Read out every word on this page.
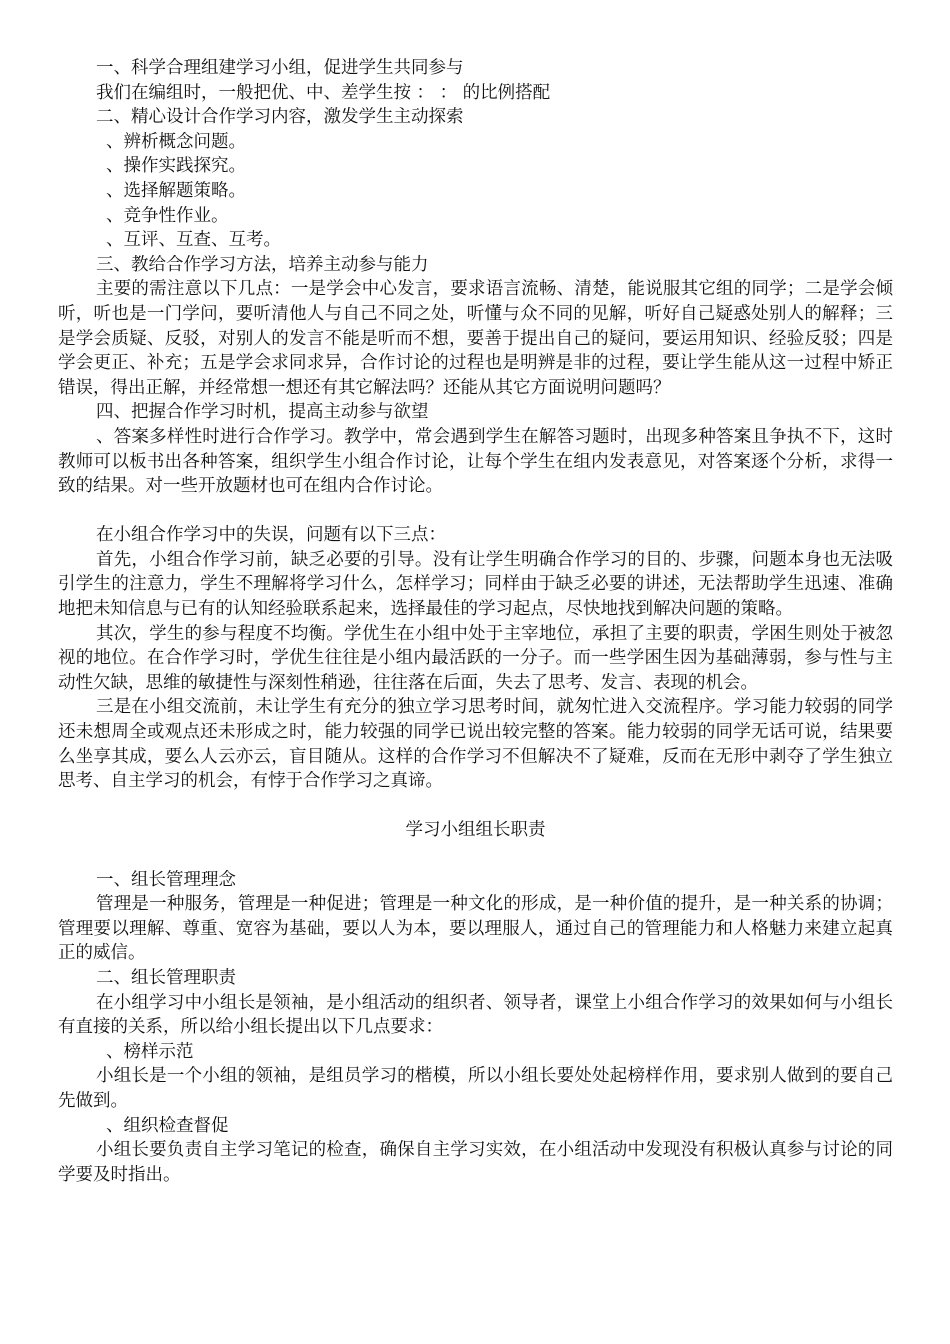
一、科学合理组建学习小组，促进学生共同参与

我们在编组时，一般把优、中、差学生按 ： ： 的比例搭配

二、精心设计合作学习内容，激发学生主动探索

、辨析概念问题。

、操作实践探究。

、选择解题策略。

、竞争性作业。

、互评、互查、互考。

三、教给合作学习方法，培养主动参与能力

主要的需注意以下几点：一是学会中心发言，要求语言流畅、清楚，能说服其它组的同学；二是学会倾听，听也是一门学问，要听清他人与自己不同之处，听懂与众不同的见解，听好自己疑惑处别人的解释；三是学会质疑、反驳，对别人的发言不能是听而不想，要善于提出自己的疑问，要运用知识、经验反驳；四是学会更正、补充；五是学会求同求异，合作讨论的过程也是明辨是非的过程，要让学生能从这一过程中矫正错误，得出正解，并经常想一想还有其它解法吗？还能从其它方面说明问题吗？

四、把握合作学习时机，提高主动参与欲望

、答案多样性时进行合作学习。教学中，常会遇到学生在解答习题时，出现多种答案且争执不下，这时教师可以板书出各种答案，组织学生小组合作讨论，让每个学生在组内发表意见，对答案逐个分析，求得一致的结果。对一些开放题材也可在组内合作讨论。

在小组合作学习中的失误，问题有以下三点：

首先，小组合作学习前，缺乏必要的引导。没有让学生明确合作学习的目的、步骤，问题本身也无法吸引学生的注意力，学生不理解将学习什么，怎样学习；同样由于缺乏必要的讲述，无法帮助学生迅速、准确地把未知信息与已有的认知经验联系起来，选择最佳的学习起点，尽快地找到解决问题的策略。

其次，学生的参与程度不均衡。学优生在小组中处于主宰地位，承担了主要的职责，学困生则处于被忽视的地位。在合作学习时，学优生往往是小组内最活跃的一分子。而一些学困生因为基础薄弱，参与性与主动性欠缺，思维的敏捷性与深刻性稍逊，往往落在后面，失去了思考、发言、表现的机会。

三是在小组交流前，未让学生有充分的独立学习思考时间，就匆忙进入交流程序。学习能力较弱的同学还未想周全或观点还未形成之时，能力较强的同学已说出较完整的答案。能力较弱的同学无话可说，结果要么坐享其成，要么人云亦云，盲目随从。这样的合作学习不但解决不了疑难，反而在无形中剥夺了学生独立思考、自主学习的机会，有悖于合作学习之真谛。

学习小组组长职责

一、组长管理理念

管理是一种服务，管理是一种促进；管理是一种文化的形成，是一种价值的提升，是一种关系的协调；管理要以理解、尊重、宽容为基础，要以人为本，要以理服人，通过自己的管理能力和人格魅力来建立起真正的威信。

二、组长管理职责

在小组学习中小组长是领袖，是小组活动的组织者、领导者，课堂上小组合作学习的效果如何与小组长有直接的关系，所以给小组长提出以下几点要求：

、榜样示范

小组长是一个小组的领袖，是组员学习的楷模，所以小组长要处处起榜样作用，要求别人做到的要自己先做到。

、组织检查督促

小组长要负责自主学习笔记的检查，确保自主学习实效，在小组活动中发现没有积极认真参与讨论的同学要及时指出。
